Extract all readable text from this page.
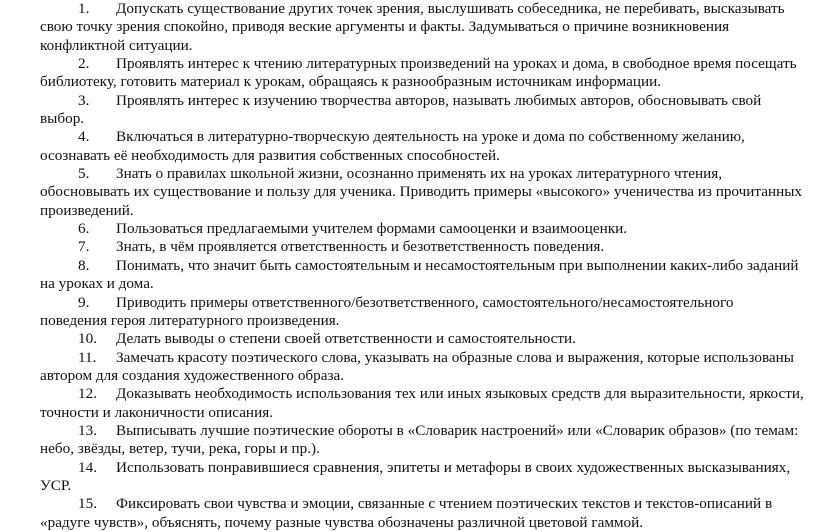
1. Допускать существование других точек зрения, выслушивать собеседника, не перебивать, высказывать свою точку зрения спокойно, приводя веские аргументы и факты. Задумываться о причине возникновения конфликтной ситуации.

2. Проявлять интерес к чтению литературных произведений на уроках и дома, в свободное время посещать библиотеку, готовить материал к урокам, обращаясь к разнообразным источникам информации.

3. Проявлять интерес к изучению творчества авторов, называть любимых авторов, обосновывать свой выбор.

4. Включаться в литературно-творческую деятельность на уроке и дома по собственному желанию, осознавать её необходимость для развития собственных способностей.

5. Знать о правилах школьной жизни, осознанно применять их на уроках литературного чтения, обосновывать их существование и пользу для ученика. Приводить примеры «высокого» ученичества из прочитанных произведений.

6. Пользоваться предлагаемыми учителем формами самооценки и взаимооценки.

7. Знать, в чём проявляется ответственность и безответственность поведения.

8. Понимать, что значит быть самостоятельным и несамостоятельным при выполнении каких-либо заданий на уроках и дома.

9. Приводить примеры ответственного/безответственного, самостоятельного/несамостоятельного поведения героя литературного произведения.

10. Делать выводы о степени своей ответственности и самостоятельности.

11. Замечать красоту поэтического слова, указывать на образные слова и выражения, которые использованы автором для создания художественного образа.

12. Доказывать необходимость использования тех или иных языковых средств для выразительности, яркости, точности и лаконичности описания.

13. Выписывать лучшие поэтические обороты в «Словарик настроений» или «Словарик образов» (по темам: небо, звёзды, ветер, тучи, река, горы и пр.).

14. Использовать понравившиеся сравнения, эпитеты и метафоры в своих художественных высказываниях, УСР.

15. Фиксировать свои чувства и эмоции, связанные с чтением поэтических текстов и текстов-описаний в «радуге чувств», объяснять, почему разные чувства обозначены различной цветовой гаммой.
